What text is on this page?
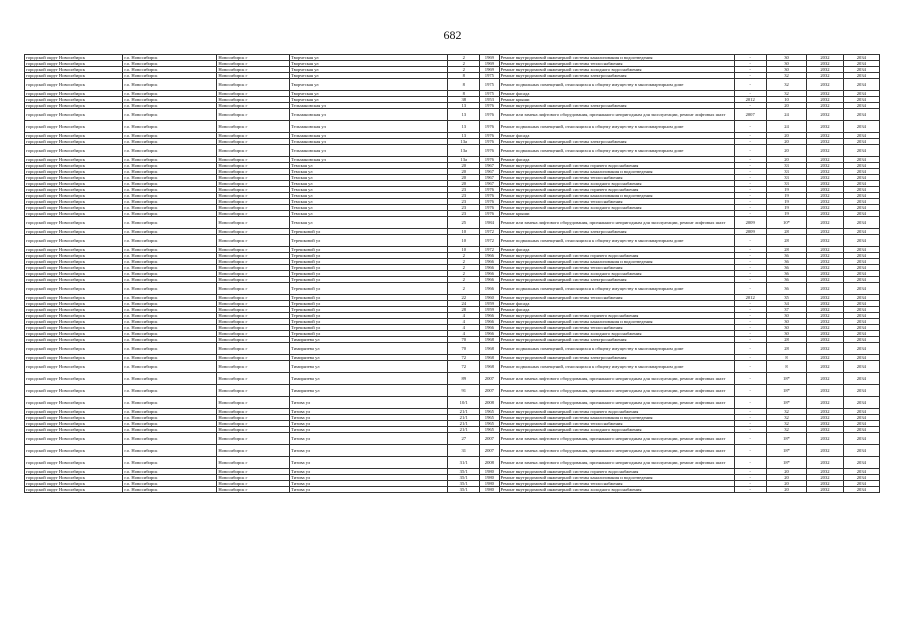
682
городской округ Новосибирск	г.о. Новосибирск	Новосибирск г	Творческая ул	2	1969	Ремонт внутридомовой инженерной системы канализования и водоотведения	-	30	2032	2034
городской округ Новосибирск	г.о. Новосибирск	Новосибирск г	Творческая ул	2	1969	Ремонт внутридомовой инженерной системы теплоснабжения	-	30	2032	2034
городской округ Новосибирск	г.о. Новосибирск	Новосибирск г	Творческая ул	2	1969	Ремонт внутридомовой инженерной системы холодного водоснабжения	-	30	2032	2034
городской округ Новосибирск	г.о. Новосибирск	Новосибирск г	Творческая ул	8	1975	Ремонт внутридомовой инженерной системы электроснабжения	-	32	2032	2034
городской округ Новосибирск	г.о. Новосибирск	Новосибирск г	Творческая ул	8	1975	Ремонт подвальных помещений, относящихся к общему имуществу в многоквартирном доме	-	32	2032	2034
городской округ Новосибирск	г.о. Новосибирск	Новосибирск г	Творческая ул	8	1975	Ремонт фасада	-	32	2032	2034
городской округ Новосибирск	г.о. Новосибирск	Новосибирск г	Творческая ул	38	1953	Ремонт крыши	2012	10	2032	2034
городской округ Новосибирск	г.о. Новосибирск	Новосибирск г	Тельмановская ул	13	1976	Ремонт внутридомовой инженерной системы электроснабжения	-	20	2032	2034
городской округ Новосибирск	г.о. Новосибирск	Новосибирск г	Тельмановская ул	13	1976	Ремонт или замена лифтового оборудования, признанного непригодным для эксплуатации, ремонт лифтовых шахт	2007	24	2032	2034
городской округ Новосибирск	г.о. Новосибирск	Новосибирск г	Тельмановская ул	13	1976	Ремонт подвальных помещений, относящихся к общему имуществу в многоквартирном доме	-	24	2032	2034
городской округ Новосибирск	г.о. Новосибирск	Новосибирск г	Тельмановская ул	13	1976	Ремонт фасада	-	20	2032	2034
городской округ Новосибирск	г.о. Новосибирск	Новосибирск г	Тельмановская ул	13а	1976	Ремонт внутридомовой инженерной системы электроснабжения	-	20	2032	2034
городской округ Новосибирск	г.о. Новосибирск	Новосибирск г	Тельмановская ул	13а	1976	Ремонт подвальных помещений, относящихся к общему имуществу в многоквартирном доме	-	20	2032	2034
городской округ Новосибирск	г.о. Новосибирск	Новосибирск г	Тельмановская ул	13а	1976	Ремонт фасада	-	20	2032	2034
городской округ Новосибирск	г.о. Новосибирск	Новосибирск г	Темская ул	20	1967	Ремонт внутридомовой инженерной системы горячего водоснабжения	-	33	2032	2034
городской округ Новосибирск	г.о. Новосибирск	Новосибирск г	Темская ул	20	1967	Ремонт внутридомовой инженерной системы канализования и водоотведения	-	33	2032	2034
городской округ Новосибирск	г.о. Новосибирск	Новосибирск г	Темская ул	20	1967	Ремонт внутридомовой инженерной системы теплоснабжения	-	33	2032	2034
городской округ Новосибирск	г.о. Новосибирск	Новосибирск г	Темская ул	20	1967	Ремонт внутридомовой инженерной системы холодного водоснабжения	-	33	2032	2034
городской округ Новосибирск	г.о. Новосибирск	Новосибирск г	Темская ул	23	1976	Ремонт внутридомовой инженерной системы горячего водоснабжения	-	19	2032	2034
городской округ Новосибирск	г.о. Новосибирск	Новосибирск г	Темская ул	23	1976	Ремонт внутридомовой инженерной системы канализования и водоотведения	-	19	2032	2034
городской округ Новосибирск	г.о. Новосибирск	Новосибирск г	Темская ул	23	1976	Ремонт внутридомовой инженерной системы теплоснабжения	-	19	2032	2034
городской округ Новосибирск	г.о. Новосибирск	Новосибирск г	Темская ул	23	1976	Ремонт внутридомовой инженерной системы холодного водоснабжения	-	19	2032	2034
городской округ Новосибирск	г.о. Новосибирск	Новосибирск г	Темская ул	23	1976	Ремонт крыши	-	19	2032	2034
городской округ Новосибирск	г.о. Новосибирск	Новосибирск г	Темская ул	25	1984	Ремонт или замена лифтового оборудования, признанного непригодным для эксплуатации, ремонт лифтовых шахт	2009	10*	2032	2034
городской округ Новосибирск	г.о. Новосибирск	Новосибирск г	Терешковой ул	10	1972	Ремонт внутридомовой инженерной системы электроснабжения	2009	28	2032	2034
городской округ Новосибирск	г.о. Новосибирск	Новосибирск г	Терешковой ул	10	1972	Ремонт подвальных помещений, относящихся к общему имуществу в многоквартирном доме	-	28	2032	2034
городской округ Новосибирск	г.о. Новосибирск	Новосибирск г	Терешковой ул	10	1972	Ремонт фасада	-	28	2032	2034
городской округ Новосибирск	г.о. Новосибирск	Новосибирск г	Терешковой ул	2	1966	Ремонт внутридомовой инженерной системы горячего водоснабжения	-	36	2032	2034
городской округ Новосибирск	г.о. Новосибирск	Новосибирск г	Терешковой ул	2	1966	Ремонт внутридомовой инженерной системы канализования и водоотведения	-	36	2032	2034
городской округ Новосибирск	г.о. Новосибирск	Новосибирск г	Терешковой ул	2	1966	Ремонт внутридомовой инженерной системы теплоснабжения	-	36	2032	2034
городской округ Новосибирск	г.о. Новосибирск	Новосибирск г	Терешковой ул	2	1966	Ремонт внутридомовой инженерной системы холодного водоснабжения	-	36	2032	2034
городской округ Новосибирск	г.о. Новосибирск	Новосибирск г	Терешковой ул	2	1966	Ремонт внутридомовой инженерной системы электроснабжения	-	36	2032	2034
городской округ Новосибирск	г.о. Новосибирск	Новосибирск г	Терешковой ул	2	1966	Ремонт подвальных помещений, относящихся к общему имуществу в многоквартирном доме	-	36	2032	2034
городской округ Новосибирск	г.о. Новосибирск	Новосибирск г	Терешковой ул	22	1960	Ремонт внутридомовой инженерной системы теплоснабжения	2012	35	2032	2034
городской округ Новосибирск	г.о. Новосибирск	Новосибирск г	Терешковой ул	24	1959	Ремонт фасада	-	34	2032	2034
городской округ Новосибирск	г.о. Новосибирск	Новосибирск г	Терешковой ул	28	1959	Ремонт фасада	-	37	2032	2034
городской округ Новосибирск	г.о. Новосибирск	Новосибирск г	Терешковой ул	4	1966	Ремонт внутридомовой инженерной системы горячего водоснабжения	-	30	2032	2034
городской округ Новосибирск	г.о. Новосибирск	Новосибирск г	Терешковой ул	4	1966	Ремонт внутридомовой инженерной системы канализования и водоотведения	-	30	2032	2034
городской округ Новосибирск	г.о. Новосибирск	Новосибирск г	Терешковой ул	4	1966	Ремонт внутридомовой инженерной системы теплоснабжения	-	30	2032	2034
городской округ Новосибирск	г.о. Новосибирск	Новосибирск г	Терешковой ул	4	1966	Ремонт внутридомовой инженерной системы холодного водоснабжения	-	30	2032	2034
городской округ Новосибирск	г.о. Новосибирск	Новосибирск г	Тимирязева ул	70	1968	Ремонт внутридомовой инженерной системы электроснабжения	-	28	2032	2034
городской округ Новосибирск	г.о. Новосибирск	Новосибирск г	Тимирязева ул	70	1968	Ремонт подвальных помещений, относящихся к общему имуществу в многоквартирном доме	-	28	2032	2034
городской округ Новосибирск	г.о. Новосибирск	Новосибирск г	Тимирязева ул	72	1968	Ремонт внутридомовой инженерной системы электроснабжения	-	8	2032	2034
городской округ Новосибирск	г.о. Новосибирск	Новосибирск г	Тимирязева ул	72	1968	Ремонт подвальных помещений, относящихся к общему имуществу в многоквартирном доме	-	8	2032	2034
городской округ Новосибирск	г.о. Новосибирск	Новосибирск г	Тимирязева ул	89	2007	Ремонт или замена лифтового оборудования, признанного непригодным для эксплуатации, ремонт лифтовых шахт	-	18*	2032	2034
городской округ Новосибирск	г.о. Новосибирск	Новосибирск г	Тимирязева ул	91	2007	Ремонт или замена лифтового оборудования, признанного непригодным для эксплуатации, ремонт лифтовых шахт	-	18*	2032	2034
городской округ Новосибирск	г.о. Новосибирск	Новосибирск г	Титова ул	10/1	2008	Ремонт или замена лифтового оборудования, признанного непригодным для эксплуатации, ремонт лифтовых шахт	-	18*	2032	2034
городской округ Новосибирск	г.о. Новосибирск	Новосибирск г	Титова ул	21/1	1965	Ремонт внутридомовой инженерной системы горячего водоснабжения	-	32	2032	2034
городской округ Новосибирск	г.о. Новосибирск	Новосибирск г	Титова ул	21/1	1965	Ремонт внутридомовой инженерной системы канализования и водоотведения	-	32	2032	2034
городской округ Новосибирск	г.о. Новосибирск	Новосибирск г	Титова ул	21/1	1965	Ремонт внутридомовой инженерной системы теплоснабжения	-	32	2032	2034
городской округ Новосибирск	г.о. Новосибирск	Новосибирск г	Титова ул	21/1	1965	Ремонт внутридомовой инженерной системы холодного водоснабжения	-	32	2032	2034
городской округ Новосибирск	г.о. Новосибирск	Новосибирск г	Титова ул	27	2007	Ремонт или замена лифтового оборудования, признанного непригодным для эксплуатации, ремонт лифтовых шахт	-	18*	2032	2034
городской округ Новосибирск	г.о. Новосибирск	Новосибирск г	Титова ул	31	2007	Ремонт или замена лифтового оборудования, признанного непригодным для эксплуатации, ремонт лифтовых шахт	-	18*	2032	2034
городской округ Новосибирск	г.о. Новосибирск	Новосибирск г	Титова ул	31/1	2008	Ремонт или замена лифтового оборудования, признанного непригодным для эксплуатации, ремонт лифтовых шахт	-	18*	2032	2034
городской округ Новосибирск	г.о. Новосибирск	Новосибирск г	Титова ул	35/1	1980	Ремонт внутридомовой инженерной системы горячего водоснабжения	-	20	2032	2034
городской округ Новосибирск	г.о. Новосибирск	Новосибирск г	Титова ул	35/1	1980	Ремонт внутридомовой инженерной системы канализования и водоотведения	-	20	2032	2034
городской округ Новосибирск	г.о. Новосибирск	Новосибирск г	Титова ул	35/1	1980	Ремонт внутридомовой инженерной системы теплоснабжения	-	20	2032	2034
городской округ Новосибирск	г.о. Новосибирск	Новосибирск г	Титова ул	35/1	1980	Ремонт внутридомовой инженерной системы холодного водоснабжения	-	20	2032	2034
